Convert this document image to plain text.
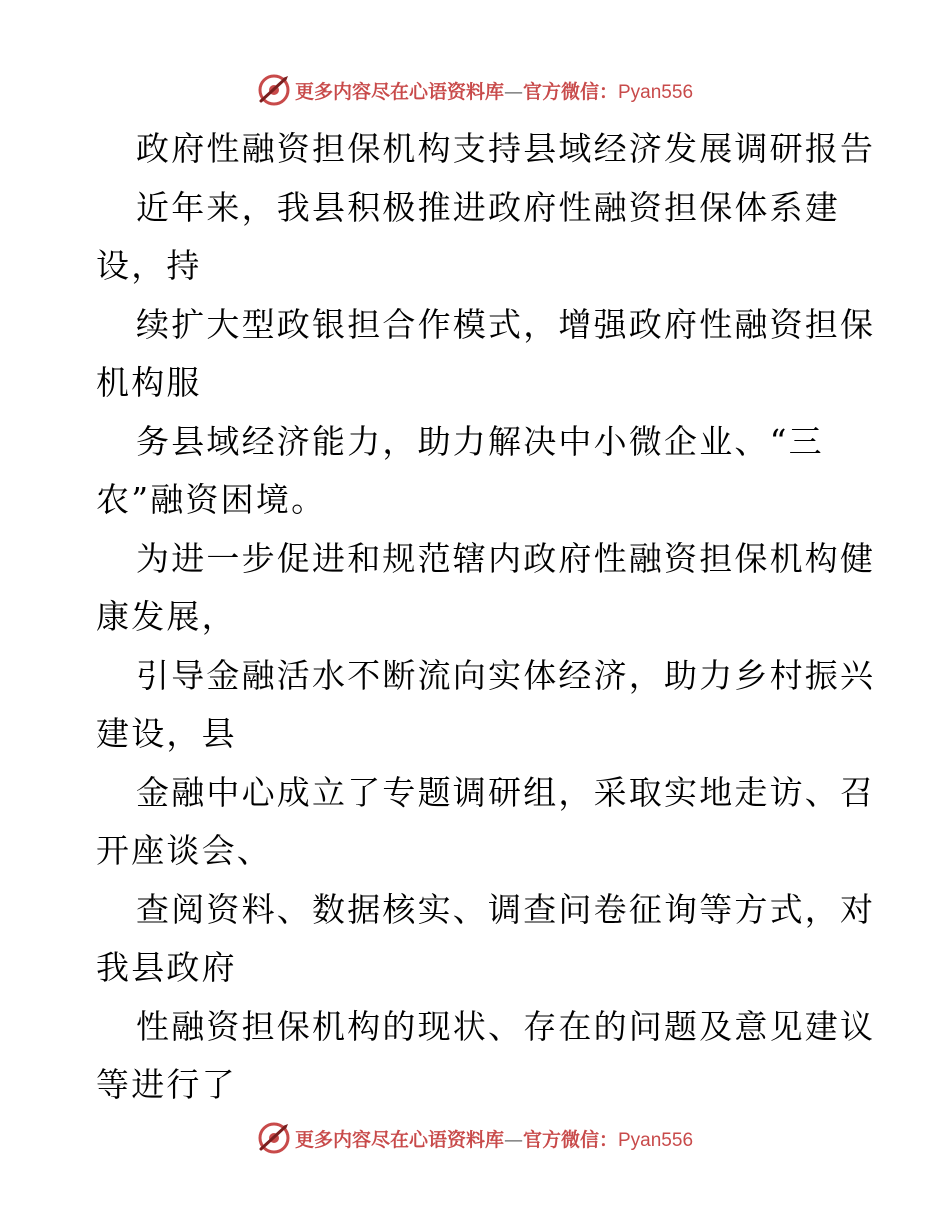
更多内容尽在心语资料库—官方微信：Pyan556
政府性融资担保机构支持县域经济发展调研报告
近年来，我县积极推进政府性融资担保体系建
设，持
续扩大型政银担合作模式，增强政府性融资担保
机构服
务县域经济能力，助力解决中小微企业、“三
农”融资困境。
为进一步促进和规范辖内政府性融资担保机构健
康发展，
引导金融活水不断流向实体经济，助力乡村振兴
建设，县
金融中心成立了专题调研组，采取实地走访、召
开座谈会、
查阅资料、数据核实、调查问卷征询等方式，对
我县政府
性融资担保机构的现状、存在的问题及意见建议
等进行了
更多内容尽在心语资料库—官方微信：Pyan556
